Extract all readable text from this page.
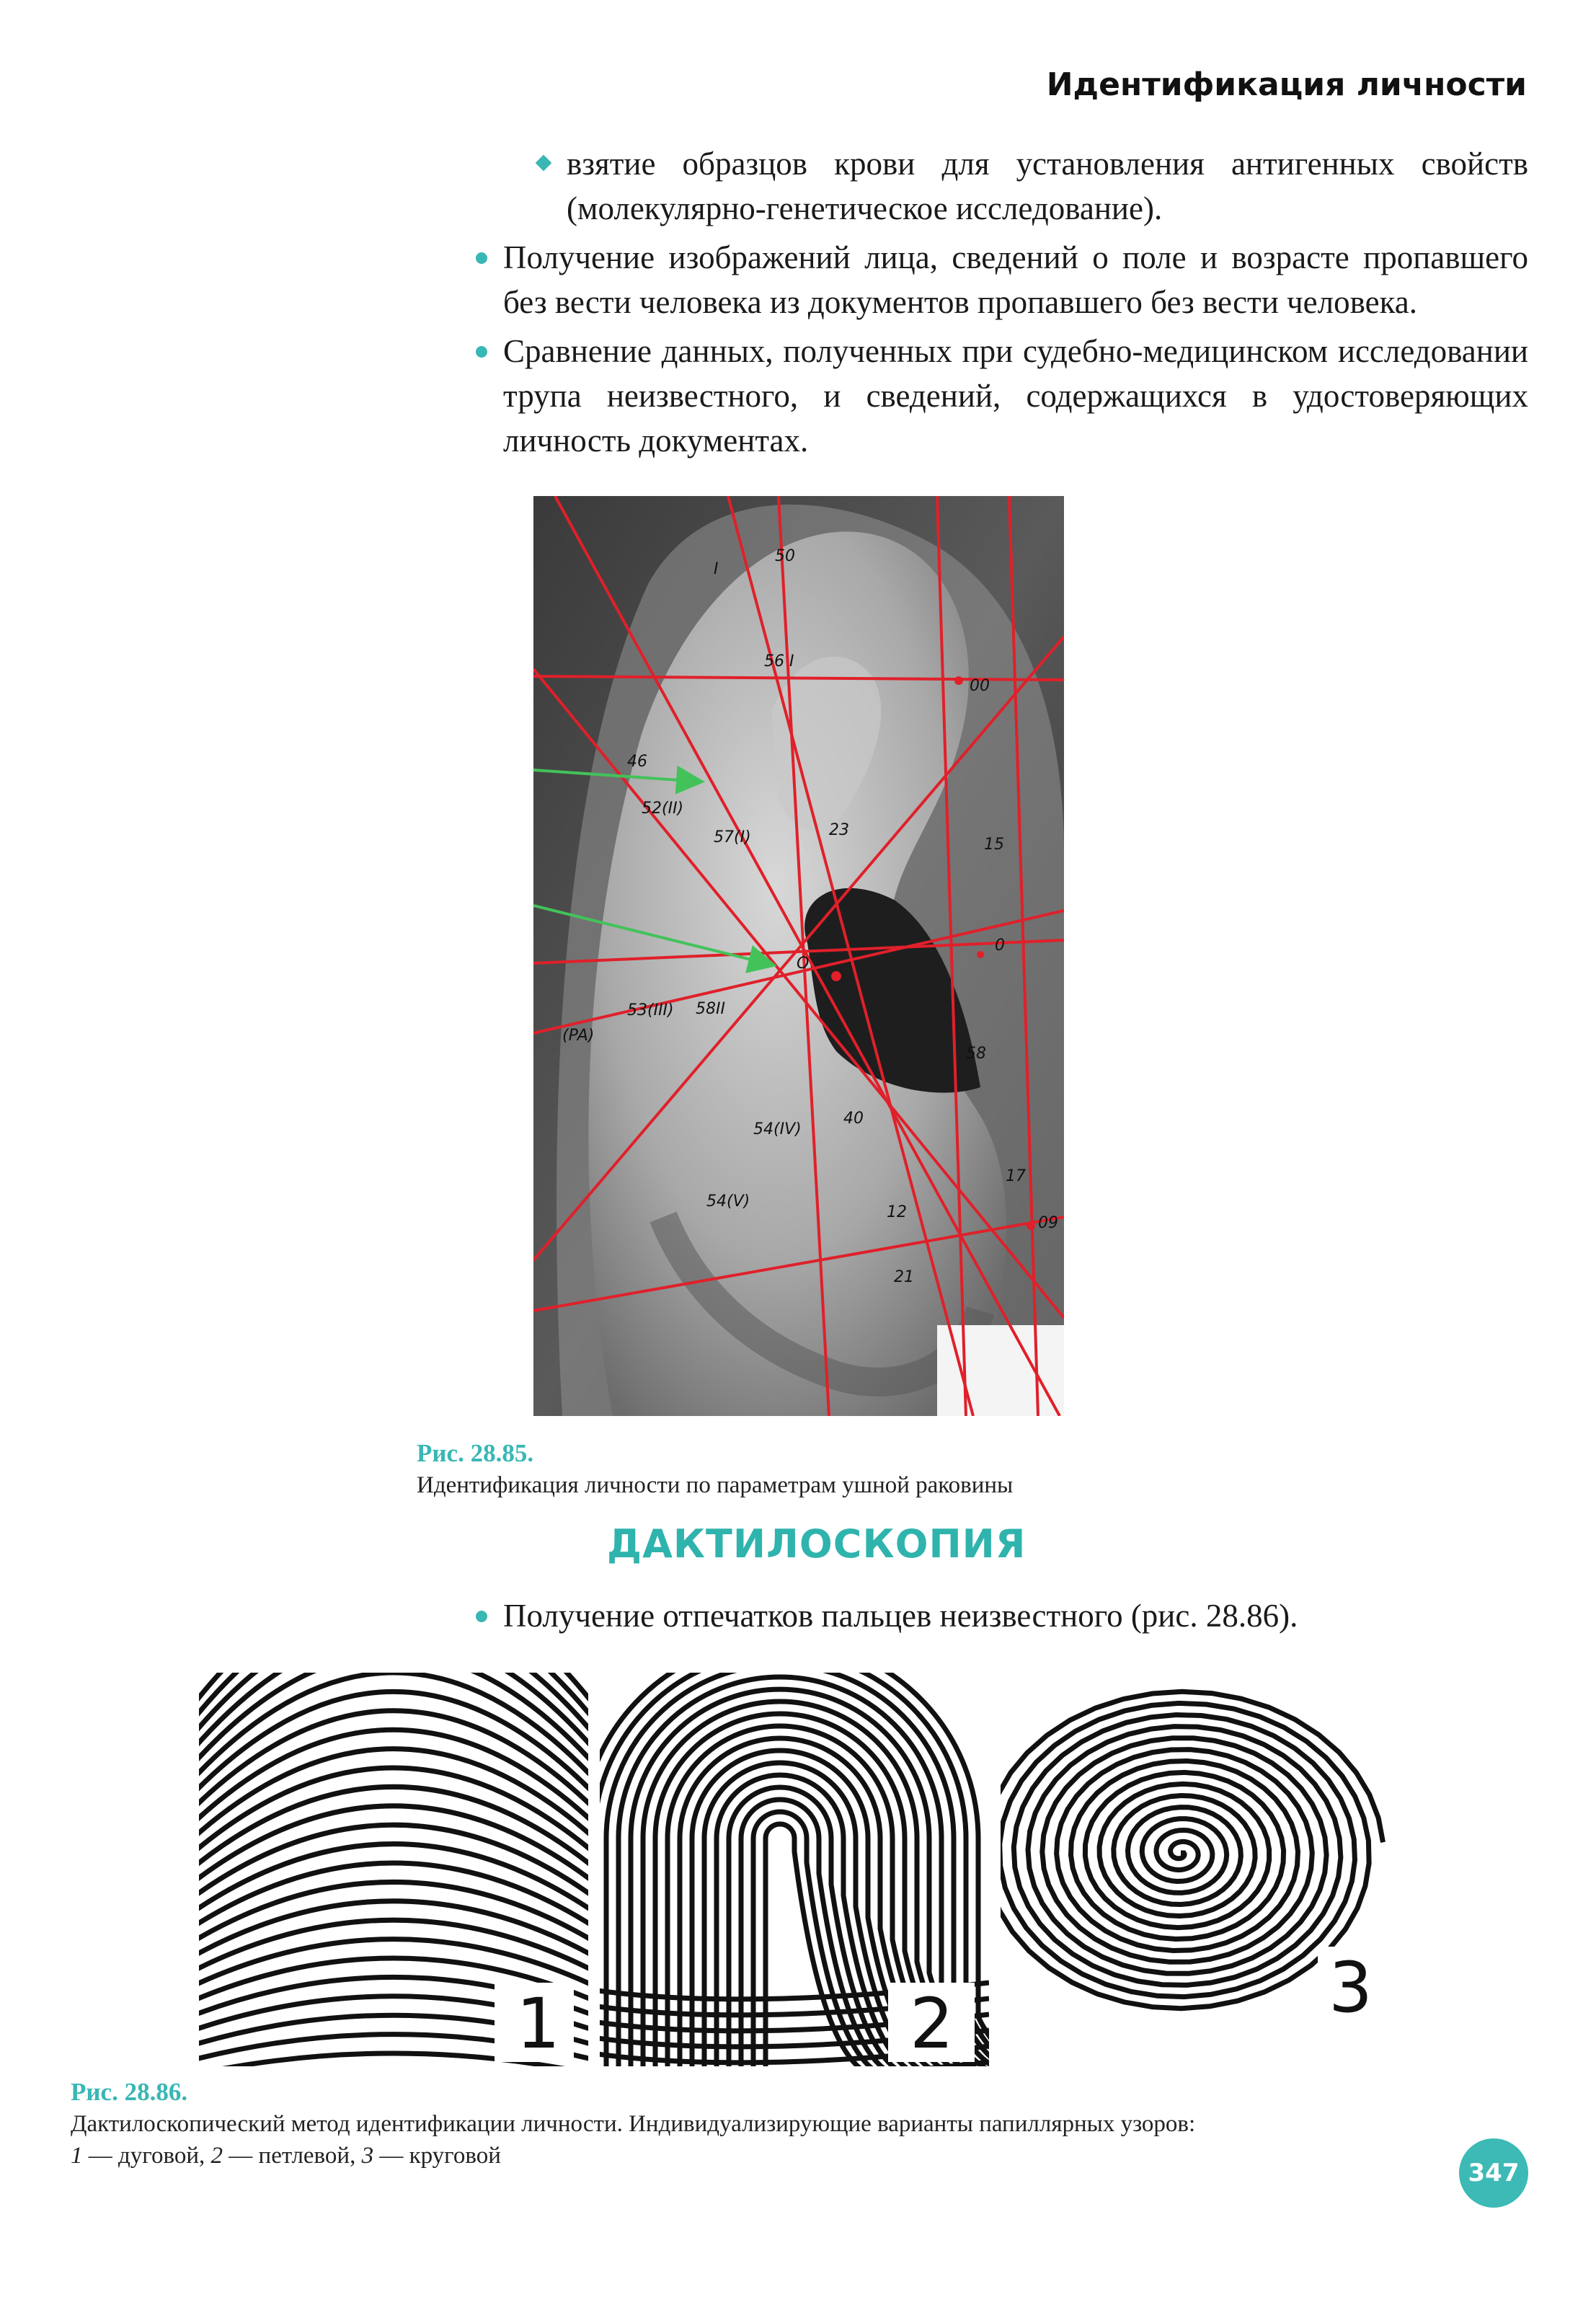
Идентификация личности

взятие образцов крови для установления антигенных свойств (молекулярно-генетическое исследование).

Получение изображений лица, сведений о поле и возрасте пропавшего без вести человека из документов пропавшего без вести человека.

Сравнение данных, полученных при судебно-медицинском исследовании трупа неизвестного, и сведений, содержащихся в удостоверяющих личность документах.

I
50
56 I
00
46
52(II)
57(I)	23
15
0
O
53(III) 58II
(PA)
54(IV)
40
54(V)
12
21
17
09
58
Рис. 28.85.
Идентификация личности по параметрам ушной раковины
ДАКТИЛОСКОПИЯ

Получение отпечатков пальцев неизвестного (рис. 28.86).

1	2	3
Рис. 28.86.
Дактилоскопический метод идентификации личности. Индивидуализирующие варианты папиллярных узоров:
1 — дуговой, 2 — петлевой, 3 — круговой
347
